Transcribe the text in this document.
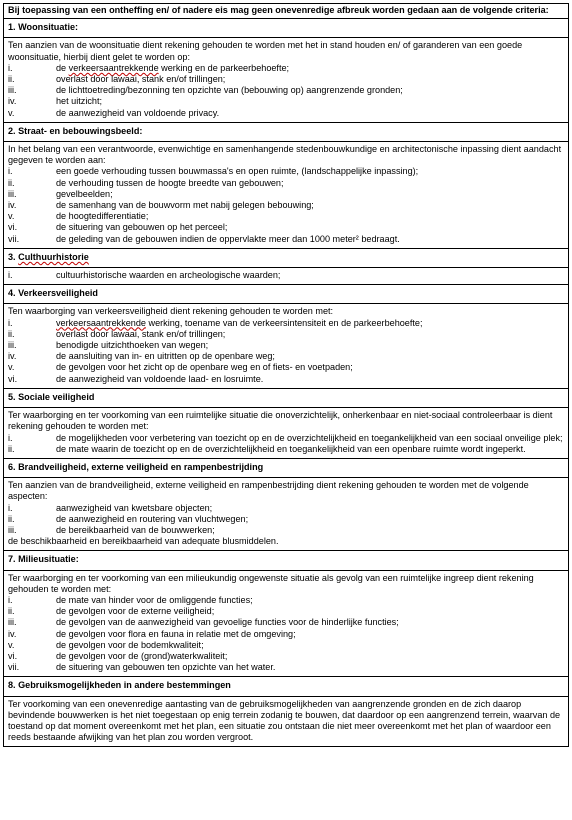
Bij toepassing van een ontheffing en/ of nadere eis mag geen onevenredige afbreuk worden gedaan aan de volgende criteria:
1. Woonsituatie:

Ten aanzien van de woonsituatie dient rekening gehouden te worden met het in stand houden en/ of garanderen van een goede woonsituatie, hierbij dient gelet te worden op:
i.	de verkeersaantrekkende werking en de parkeerbehoefte;
ii.	overlast door lawaai, stank en/of trillingen;
iii.	de lichttoetreding/bezonning ten opzichte van (bebouwing op) aangrenzende gronden;
iv.	het uitzicht;
v.	de aanwezigheid van voldoende privacy.

2. Straat- en bebouwingsbeeld:

In het belang van een verantwoorde, evenwichtige en samenhangende stedenbouwkundige en architectonische inpassing dient aandacht gegeven te worden aan:
i.	een goede verhouding tussen bouwmassa's en open ruimte, (landschappelijke inpassing);
ii.	de verhouding tussen de hoogte breedte van gebouwen;
iii.	gevelbeelden;
iv.	de samenhang van de bouwvorm met nabij gelegen bebouwing;
v.	de hoogtedifferentiatie;
vi.	de situering van gebouwen op het perceel;
vii.	de geleding van de gebouwen indien de oppervlakte meer dan 1000 meter² bedraagt.

3. Culthuurhistorie

i.	cultuurhistorische waarden en archeologische waarden;

4. Verkeersveiligheid

Ten waarborging van verkeersveiligheid dient rekening gehouden te worden met:
i.	verkeersaantrekkende werking, toename van de verkeersintensiteit en de parkeerbehoefte;
ii.	overlast door lawaai, stank en/of trillingen;
iii.	benodigde uitzichthoeken van wegen;
iv.	de aansluiting van in- en uitritten op de openbare weg;
v.	de gevolgen voor het zicht op de openbare weg en of fiets- en voetpaden;
vi.	de aanwezigheid van voldoende laad- en losruimte.

5. Sociale veiligheid

Ter waarborging en ter voorkoming van een ruimtelijke situatie die onoverzichtelijk, onherkenbaar en niet-sociaal controleerbaar is dient rekening gehouden te worden met:
i.	de mogelijkheden voor verbetering van toezicht op en de overzichtelijkheid en toegankelijkheid van een sociaal onveilige plek;
ii.	de mate waarin de toezicht op en de overzichtelijkheid en toegankelijkheid van een openbare ruimte wordt ingeperkt.

6. Brandveiligheid, externe veiligheid en rampenbestrijding

Ten aanzien van de brandveiligheid, externe veiligheid en rampenbestrijding dient rekening gehouden te worden met de volgende aspecten:
i.	aanwezigheid van kwetsbare objecten;
ii.	de aanwezigheid en routering van vluchtwegen;
iii.	de bereikbaarheid van de bouwwerken;
de beschikbaarheid en bereikbaarheid van adequate blusmiddelen.

7. Milieusituatie:

Ter waarborging en ter voorkoming van een milieukundig ongewenste situatie als gevolg van een ruimtelijke ingreep dient rekening gehouden te worden met:
i.	de mate van hinder voor de omliggende functies;
ii.	de gevolgen voor de externe veiligheid;
iii.	de gevolgen van de aanwezigheid van gevoelige functies voor de hinderlijke functies;
iv.	de gevolgen voor flora en fauna in relatie met de omgeving;
v.	de gevolgen voor de bodemkwaliteit;
vi.	de gevolgen voor de (grond)waterkwaliteit;
vii.	de situering van gebouwen ten opzichte van het water.

8. Gebruiksmogelijkheden in andere bestemmingen

Ter voorkoming van een onevenredige aantasting van de gebruiksmogelijkheden van aangrenzende gronden en de zich daarop bevindende bouwwerken is het niet toegestaan op enig terrein zodanig te bouwen, dat daardoor op een aangrenzend terrein, waarvan de toestand op dat moment overeenkomt met het plan, een situatie zou ontstaan die niet meer overeenkomt met het plan of waardoor een reeds bestaande afwijking van het plan zou worden vergroot.
